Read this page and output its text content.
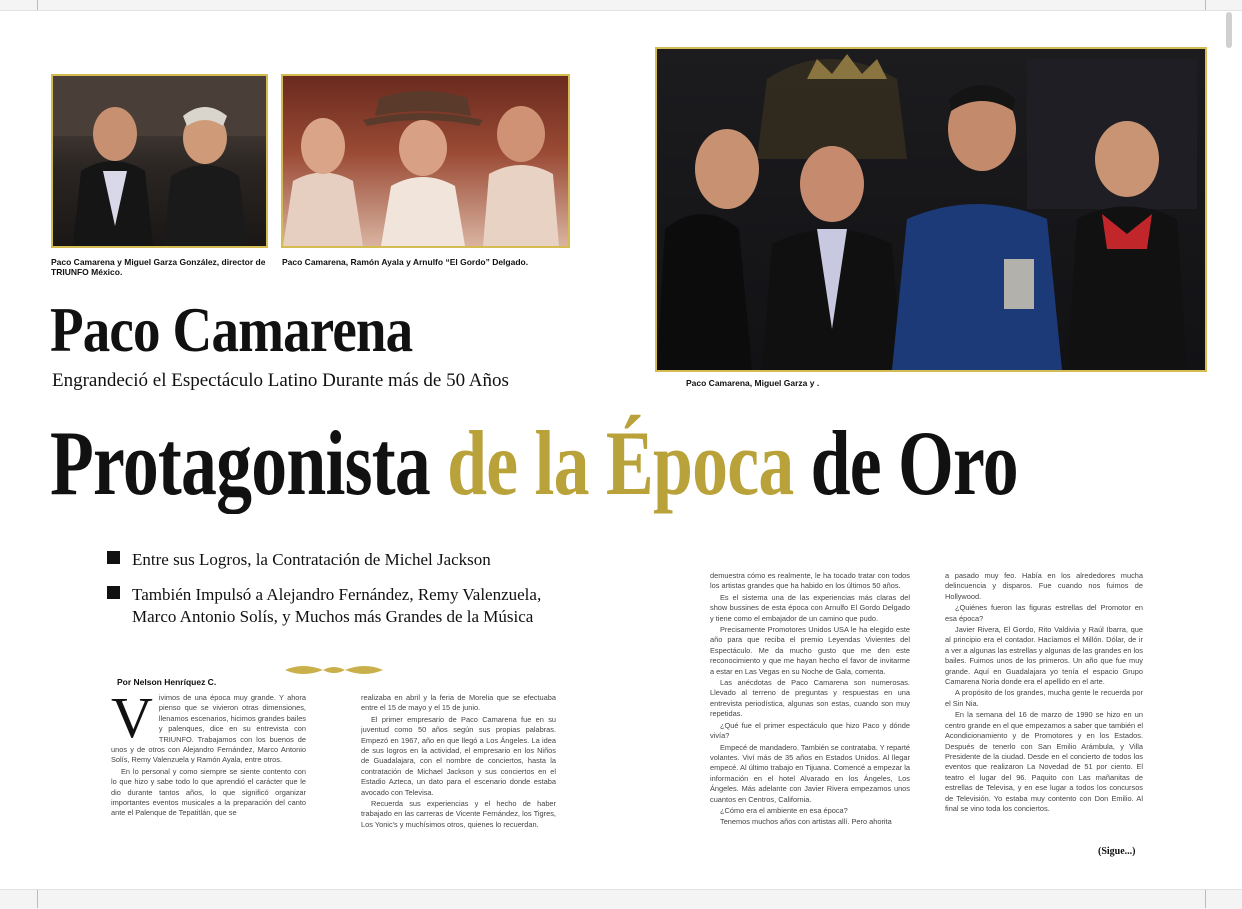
Paco Camarena y Miguel Garza González, director de TRIUNFO México.
Paco Camarena, Ramón Ayala y Arnulfo “El Gordo” Delgado.
Paco Camarena, Miguel Garza y .
Paco Camarena
Engrandeció el Espectáculo Latino Durante más de 50 Años
Protagonista de la Época de Oro
Entre sus Logros, la Contratación de Michel Jackson
También Impulsó a Alejandro Fernández, Remy Valenzuela,
Marco Antonio Solís, y Muchos más Grandes de la Música
Por Nelson Henríquez C.
V ivimos de una época muy grande. Y ahora pienso que se vivieron otras dimensiones, llenamos escenarios, hicimos grandes bailes y palenques, dice en su entrevista con TRIUNFO. Trabajamos con los buenos de unos y de otros con Alejandro Fernández, Marco Antonio Solís, Remy Valenzuela y Ramón Ayala, entre otros.

En lo personal y como siempre se siente contento con lo que hizo y sabe todo lo que aprendió el carácter que le dio durante tantos años, lo que significó organizar importantes eventos musicales a la preparación del canto ante el Palenque de Tepatitlán, que se

realizaba en abril y la feria de Morelia que se efectuaba entre el 15 de mayo y el 15 de junio.

El primer empresario de Paco Camarena fue en su juventud como 50 años según sus propias palabras. Empezó en 1967, año en que llegó a Los Ángeles. La idea de sus logros en la actividad, el empresario en los Niños de Guadalajara, con el nombre de conciertos, hasta la contratación de Michael Jackson y sus conciertos en el Estadio Azteca, un dato para el escenario donde estaba avocado con Televisa.

Recuerda sus experiencias y el hecho de haber trabajado en las carreras de Vicente Fernández, los Tigres, Los Yonic's y muchísimos otros, quienes lo recuerdan.

demuestra cómo es realmente, le ha tocado tratar con todos los artistas grandes que ha habido en los últimos 50 años.

Es el sistema una de las experiencias más claras del show bussines de esta época con Arnulfo El Gordo Delgado y tiene como el embajador de un camino que pudo.

Precisamente Promotores Unidos USA le ha elegido este año para que reciba el premio Leyendas Vivientes del Espectáculo. Me da mucho gusto que me den este reconocimiento y que me hayan hecho el favor de invitarme a estar en Las Vegas en su Noche de Gala, comenta.

Las anécdotas de Paco Camarena son numerosas. Llevado al terreno de preguntas y respuestas en una entrevista periodística, algunas son estas, cuando son muy repetidas.

¿Qué fue el primer espectáculo que hizo Paco y dónde vivía?

Empecé de mandadero. También se contrataba. Y reparté volantes. Viví más de 35 años en Estados Unidos. Al llegar empecé. Al último trabajo en Tijuana. Comencé a empezar la información en el hotel Alvarado en los Ángeles, Los Ángeles. Más adelante con Javier Rivera empezamos unos cuantos en Centros, California.

¿Cómo era el ambiente en esa época?

Tenemos muchos años con artistas allí. Pero ahorita

a pasado muy feo. Había en los alrededores mucha delincuencia y disparos. Fue cuando nos fuimos de Hollywood.

¿Quiénes fueron las figuras estrellas del Promotor en esa época?

Javier Rivera, El Gordo, Rito Valdivia y Raúl Ibarra, que al principio era el contador. Hacíamos el Millón. Dólar, de ir a ver a algunas las estrellas y algunas de las grandes en los bailes. Fuimos unos de los primeros. Un año que fue muy grande. Aquí en Guadalajara yo tenía el espacio Grupo Camarena Noria donde era el apellido en el arte.

A propósito de los grandes, mucha gente le recuerda por el Sin Nia.

En la semana del 16 de marzo de 1990 se hizo en un centro grande en el que empezamos a saber que también el Acondicionamiento y de Promotores y en los Estados. Después de tenerlo con San Emilio Arámbula, y Villa Presidente de la ciudad. Desde en el concierto de todos los eventos que realizaron La Novedad de 51 por ciento. El teatro el lugar del 96. Paquito con Las mañanitas de estrellas de Televisa, y en ese lugar a todos los concursos de Televisión. Yo estaba muy contento con Don Emilio. Al final se vino toda los conciertos.

(Sigue...)
